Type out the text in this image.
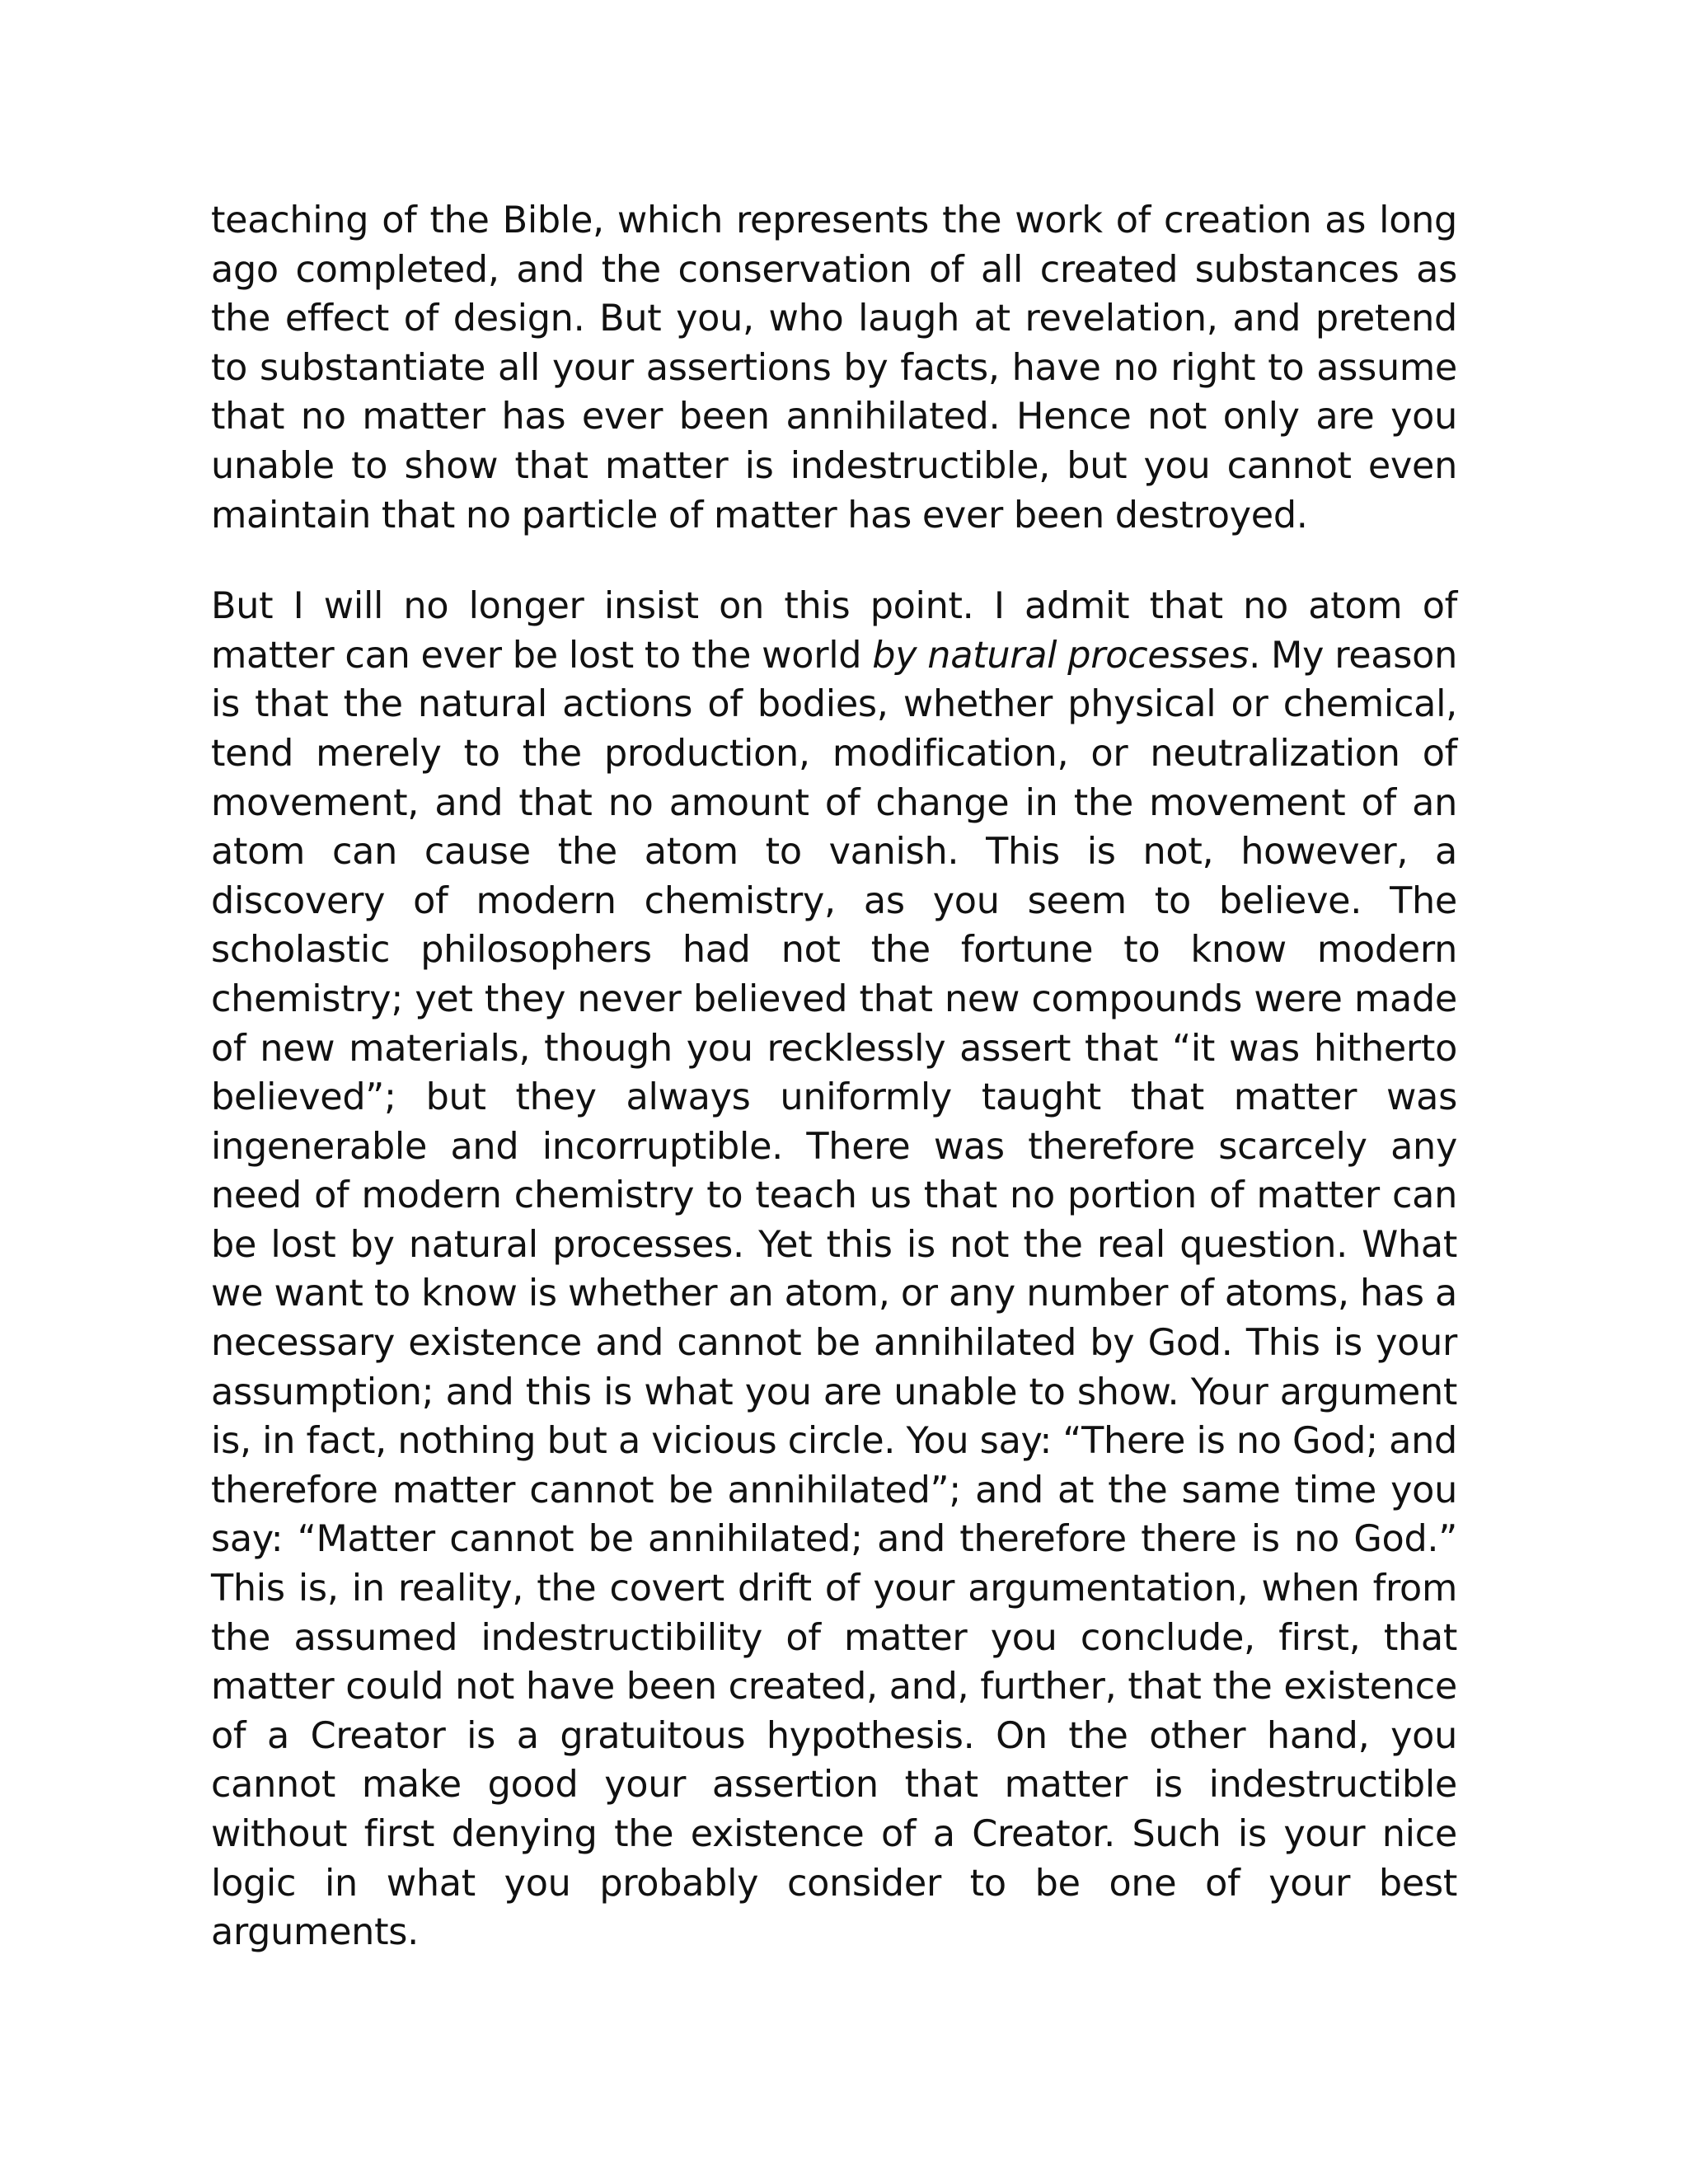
teaching of the Bible, which represents the work of creation as long ago completed, and the conservation of all created substances as the effect of design. But you, who laugh at revelation, and pretend to substantiate all your assertions by facts, have no right to assume that no matter has ever been annihilated. Hence not only are you unable to show that matter is indestructible, but you cannot even maintain that no particle of matter has ever been destroyed.

But I will no longer insist on this point. I admit that no atom of matter can ever be lost to the world by natural processes. My reason is that the natural actions of bodies, whether physical or chemical, tend merely to the production, modification, or neutralization of movement, and that no amount of change in the movement of an atom can cause the atom to vanish. This is not, however, a discovery of modern chemistry, as you seem to believe. The scholastic philosophers had not the fortune to know modern chemistry; yet they never believed that new compounds were made of new materials, though you recklessly assert that “it was hitherto believed”; but they always uniformly taught that matter was ingenerable and incorruptible. There was therefore scarcely any need of modern chemistry to teach us that no portion of matter can be lost by natural processes. Yet this is not the real question. What we want to know is whether an atom, or any number of atoms, has a necessary existence and cannot be annihilated by God. This is your assumption; and this is what you are unable to show. Your argument is, in fact, nothing but a vicious circle. You say: “There is no God; and therefore matter cannot be annihilated”; and at the same time you say: “Matter cannot be annihilated; and therefore there is no God.” This is, in reality, the covert drift of your argumentation, when from the assumed indestructibility of matter you conclude, first, that matter could not have been created, and, further, that the existence of a Creator is a gratuitous hypothesis. On the other hand, you cannot make good your assertion that matter is indestructible without first denying the existence of a Creator. Such is your nice logic in what you probably consider to be one of your best arguments.
